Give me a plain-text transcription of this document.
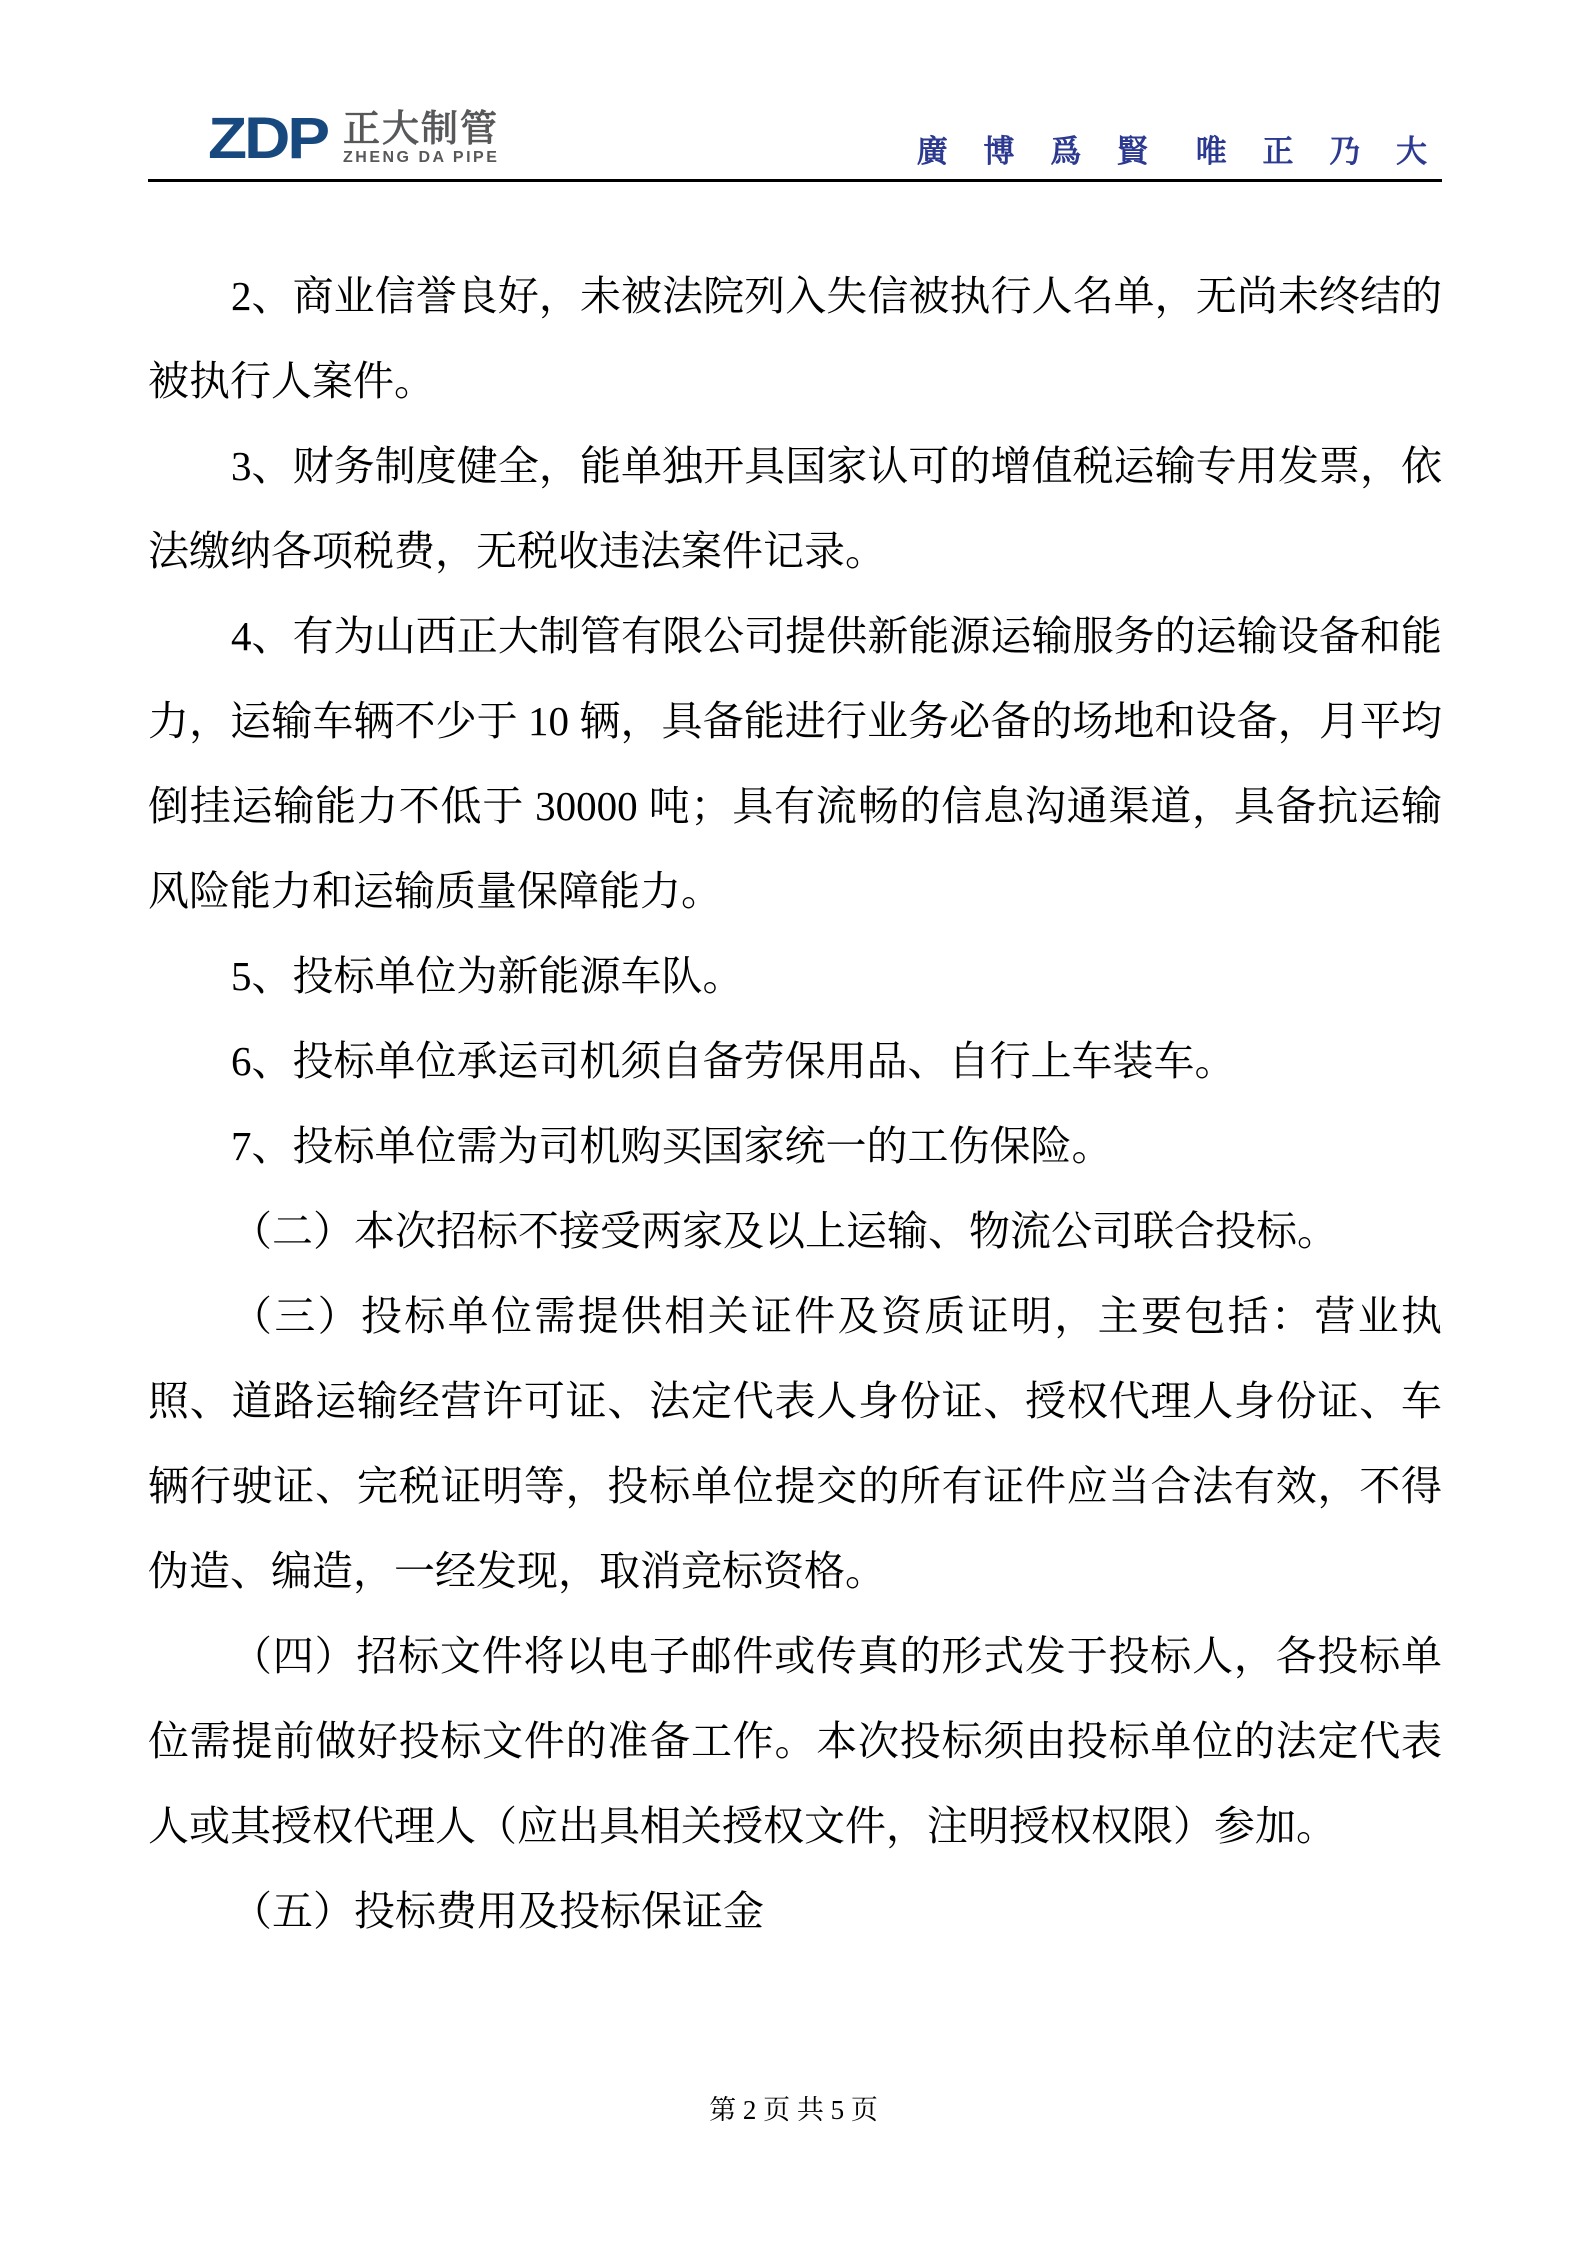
ZDP 正大制管
ZHENG DA PIPE	廣 博 爲 賢 唯 正 乃 大

2、商业信誉良好，未被法院列入失信被执行人名单，无尚未终结的被执行人案件。

3、财务制度健全，能单独开具国家认可的增值税运输专用发票，依法缴纳各项税费，无税收违法案件记录。

4、有为山西正大制管有限公司提供新能源运输服务的运输设备和能力，运输车辆不少于 10 辆，具备能进行业务必备的场地和设备，月平均倒挂运输能力不低于 30000 吨；具有流畅的信息沟通渠道，具备抗运输风险能力和运输质量保障能力。

5、投标单位为新能源车队。

6、投标单位承运司机须自备劳保用品、自行上车装车。

7、投标单位需为司机购买国家统一的工伤保险。

（二）本次招标不接受两家及以上运输、物流公司联合投标。

（三）投标单位需提供相关证件及资质证明，主要包括：营业执照、道路运输经营许可证、法定代表人身份证、授权代理人身份证、车辆行驶证、完税证明等，投标单位提交的所有证件应当合法有效，不得伪造、编造，一经发现，取消竞标资格。

（四）招标文件将以电子邮件或传真的形式发于投标人，各投标单位需提前做好投标文件的准备工作。本次投标须由投标单位的法定代表人或其授权代理人（应出具相关授权文件，注明授权权限）参加。

（五）投标费用及投标保证金

第 2 页 共 5 页
